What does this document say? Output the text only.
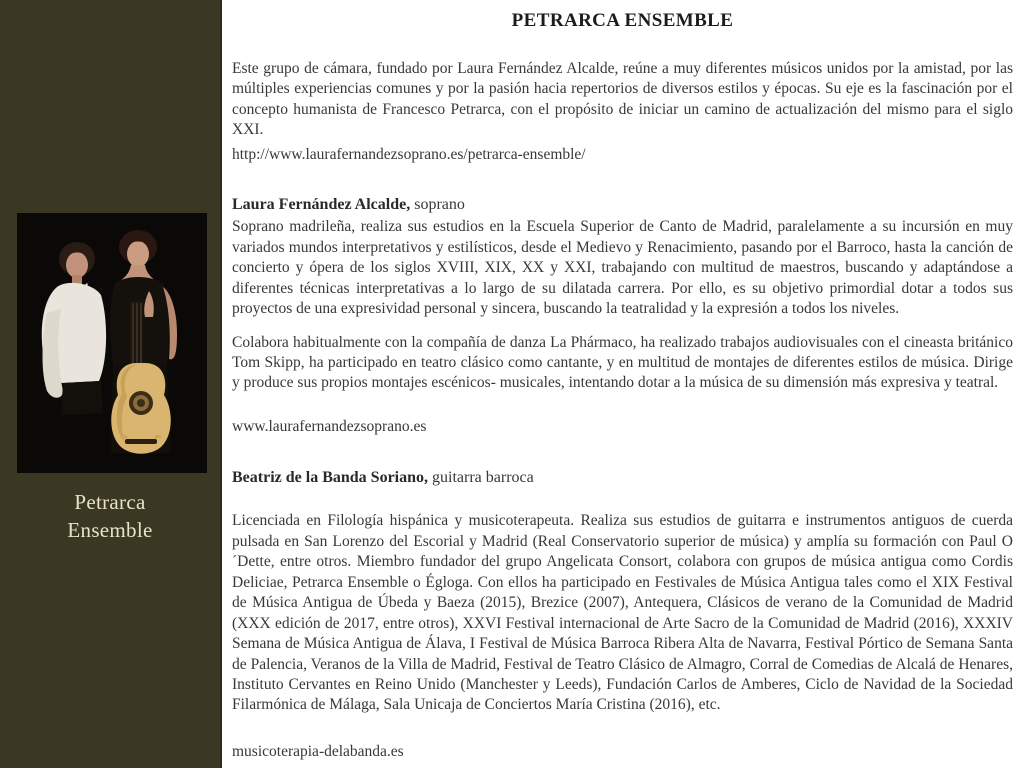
Petrarca
Ensemble
PETRARCA ENSEMBLE

Este grupo de cámara, fundado por Laura Fernández Alcalde, reúne a muy diferentes músicos unidos por la amistad, por las múltiples experiencias comunes y por la pasión hacia repertorios de diversos estilos y épocas. Su eje es la fascinación por el concepto humanista de Francesco Petrarca, con el propósito de iniciar un camino de actualización del mismo para el siglo XXI.

http://www.laurafernandezsoprano.es/petrarca-ensemble/

Laura Fernández Alcalde, soprano

Soprano madrileña, realiza sus estudios en la Escuela Superior de Canto de Madrid, paralelamente a su incursión en muy variados mundos interpretativos y estilísticos, desde el Medievo y Renacimiento, pasando por el Barroco, hasta la canción de concierto y ópera de los siglos XVIII, XIX, XX y XXI, trabajando con multitud de maestros, buscando y adaptándose a diferentes técnicas interpretativas a lo largo de su dilatada carrera. Por ello, es su objetivo primordial dotar a todos sus proyectos de una expresividad personal y sincera, buscando la teatralidad y la expresión a todos los niveles.

Colabora habitualmente con la compañía de danza La Phármaco, ha realizado trabajos audiovisuales con el cineasta británico Tom Skipp, ha participado en teatro clásico como cantante, y en multitud de montajes de diferentes estilos de música. Dirige y produce sus propios montajes escénicos- musicales, intentando dotar a la música de su dimensión más expresiva y teatral.

www.laurafernandezsoprano.es

Beatriz de la Banda Soriano, guitarra barroca

Licenciada en Filología hispánica y musicoterapeuta. Realiza sus estudios de guitarra e instrumentos antiguos de cuerda pulsada en San Lorenzo del Escorial y Madrid (Real Conservatorio superior de música) y amplía su formación con Paul O´Dette, entre otros. Miembro fundador del grupo Angelicata Consort, colabora con grupos de música antigua como Cordis Deliciae, Petrarca Ensemble o Égloga. Con ellos ha participado en Festivales de Música Antigua tales como el XIX Festival de Música Antigua de Úbeda y Baeza (2015), Brezice (2007), Antequera, Clásicos de verano de la Comunidad de Madrid (XXX edición de 2017, entre otros), XXVI Festival internacional de Arte Sacro de la Comunidad de Madrid (2016), XXXIV Semana de Música Antigua de Álava, I Festival de Música Barroca Ribera Alta de Navarra, Festival Pórtico de Semana Santa de Palencia, Veranos de la Villa de Madrid, Festival de Teatro Clásico de Almagro, Corral de Comedias de Alcalá de Henares, Instituto Cervantes en Reino Unido (Manchester y Leeds), Fundación Carlos de Amberes, Ciclo de Navidad de la Sociedad Filarmónica de Málaga, Sala Unicaja de Conciertos María Cristina (2016), etc.

musicoterapia-delabanda.es
